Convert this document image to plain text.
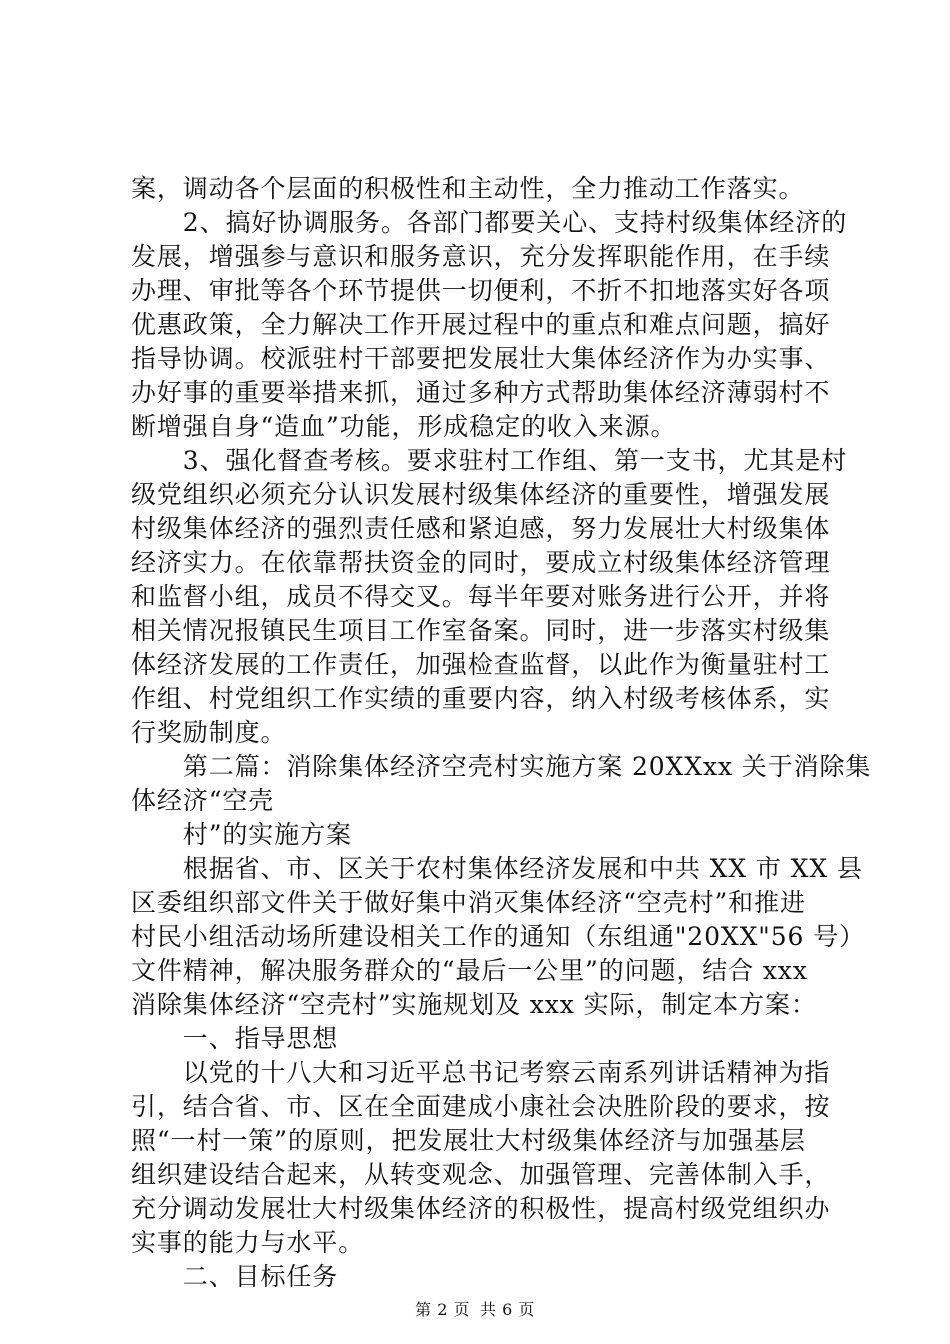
案，调动各个层面的积极性和主动性，全力推动工作落实。
　　2、搞好协调服务。各部门都要关心、支持村级集体经济的
发展，增强参与意识和服务意识，充分发挥职能作用，在手续
办理、审批等各个环节提供一切便利，不折不扣地落实好各项
优惠政策，全力解决工作开展过程中的重点和难点问题，搞好
指导协调。校派驻村干部要把发展壮大集体经济作为办实事、
办好事的重要举措来抓，通过多种方式帮助集体经济薄弱村不
断增强自身“造血”功能，形成稳定的收入来源。
　　3、强化督查考核。要求驻村工作组、第一支书，尤其是村
级党组织必须充分认识发展村级集体经济的重要性，增强发展
村级集体经济的强烈责任感和紧迫感，努力发展壮大村级集体
经济实力。在依靠帮扶资金的同时，要成立村级集体经济管理
和监督小组，成员不得交叉。每半年要对账务进行公开，并将
相关情况报镇民生项目工作室备案。同时，进一步落实村级集
体经济发展的工作责任，加强检查监督，以此作为衡量驻村工
作组、村党组织工作实绩的重要内容，纳入村级考核体系，实
行奖励制度。
　　第二篇：消除集体经济空壳村实施方案 20XXxx 关于消除集
体经济“空壳
　　村”的实施方案
　　根据省、市、区关于农村集体经济发展和中共 XX 市 XX 县
区委组织部文件关于做好集中消灭集体经济“空壳村”和推进
村民小组活动场所建设相关工作的通知（东组通"20XX"56 号）
文件精神，解决服务群众的“最后一公里”的问题，结合 xxx
消除集体经济“空壳村”实施规划及 xxx 实际，制定本方案：
　　一、指导思想
　　以党的十八大和习近平总书记考察云南系列讲话精神为指
引，结合省、市、区在全面建成小康社会决胜阶段的要求，按
照“一村一策”的原则，把发展壮大村级集体经济与加强基层
组织建设结合起来，从转变观念、加强管理、完善体制入手，
充分调动发展壮大村级集体经济的积极性，提高村级党组织办
实事的能力与水平。
　　二、目标任务
第 2 页 共 6 页
